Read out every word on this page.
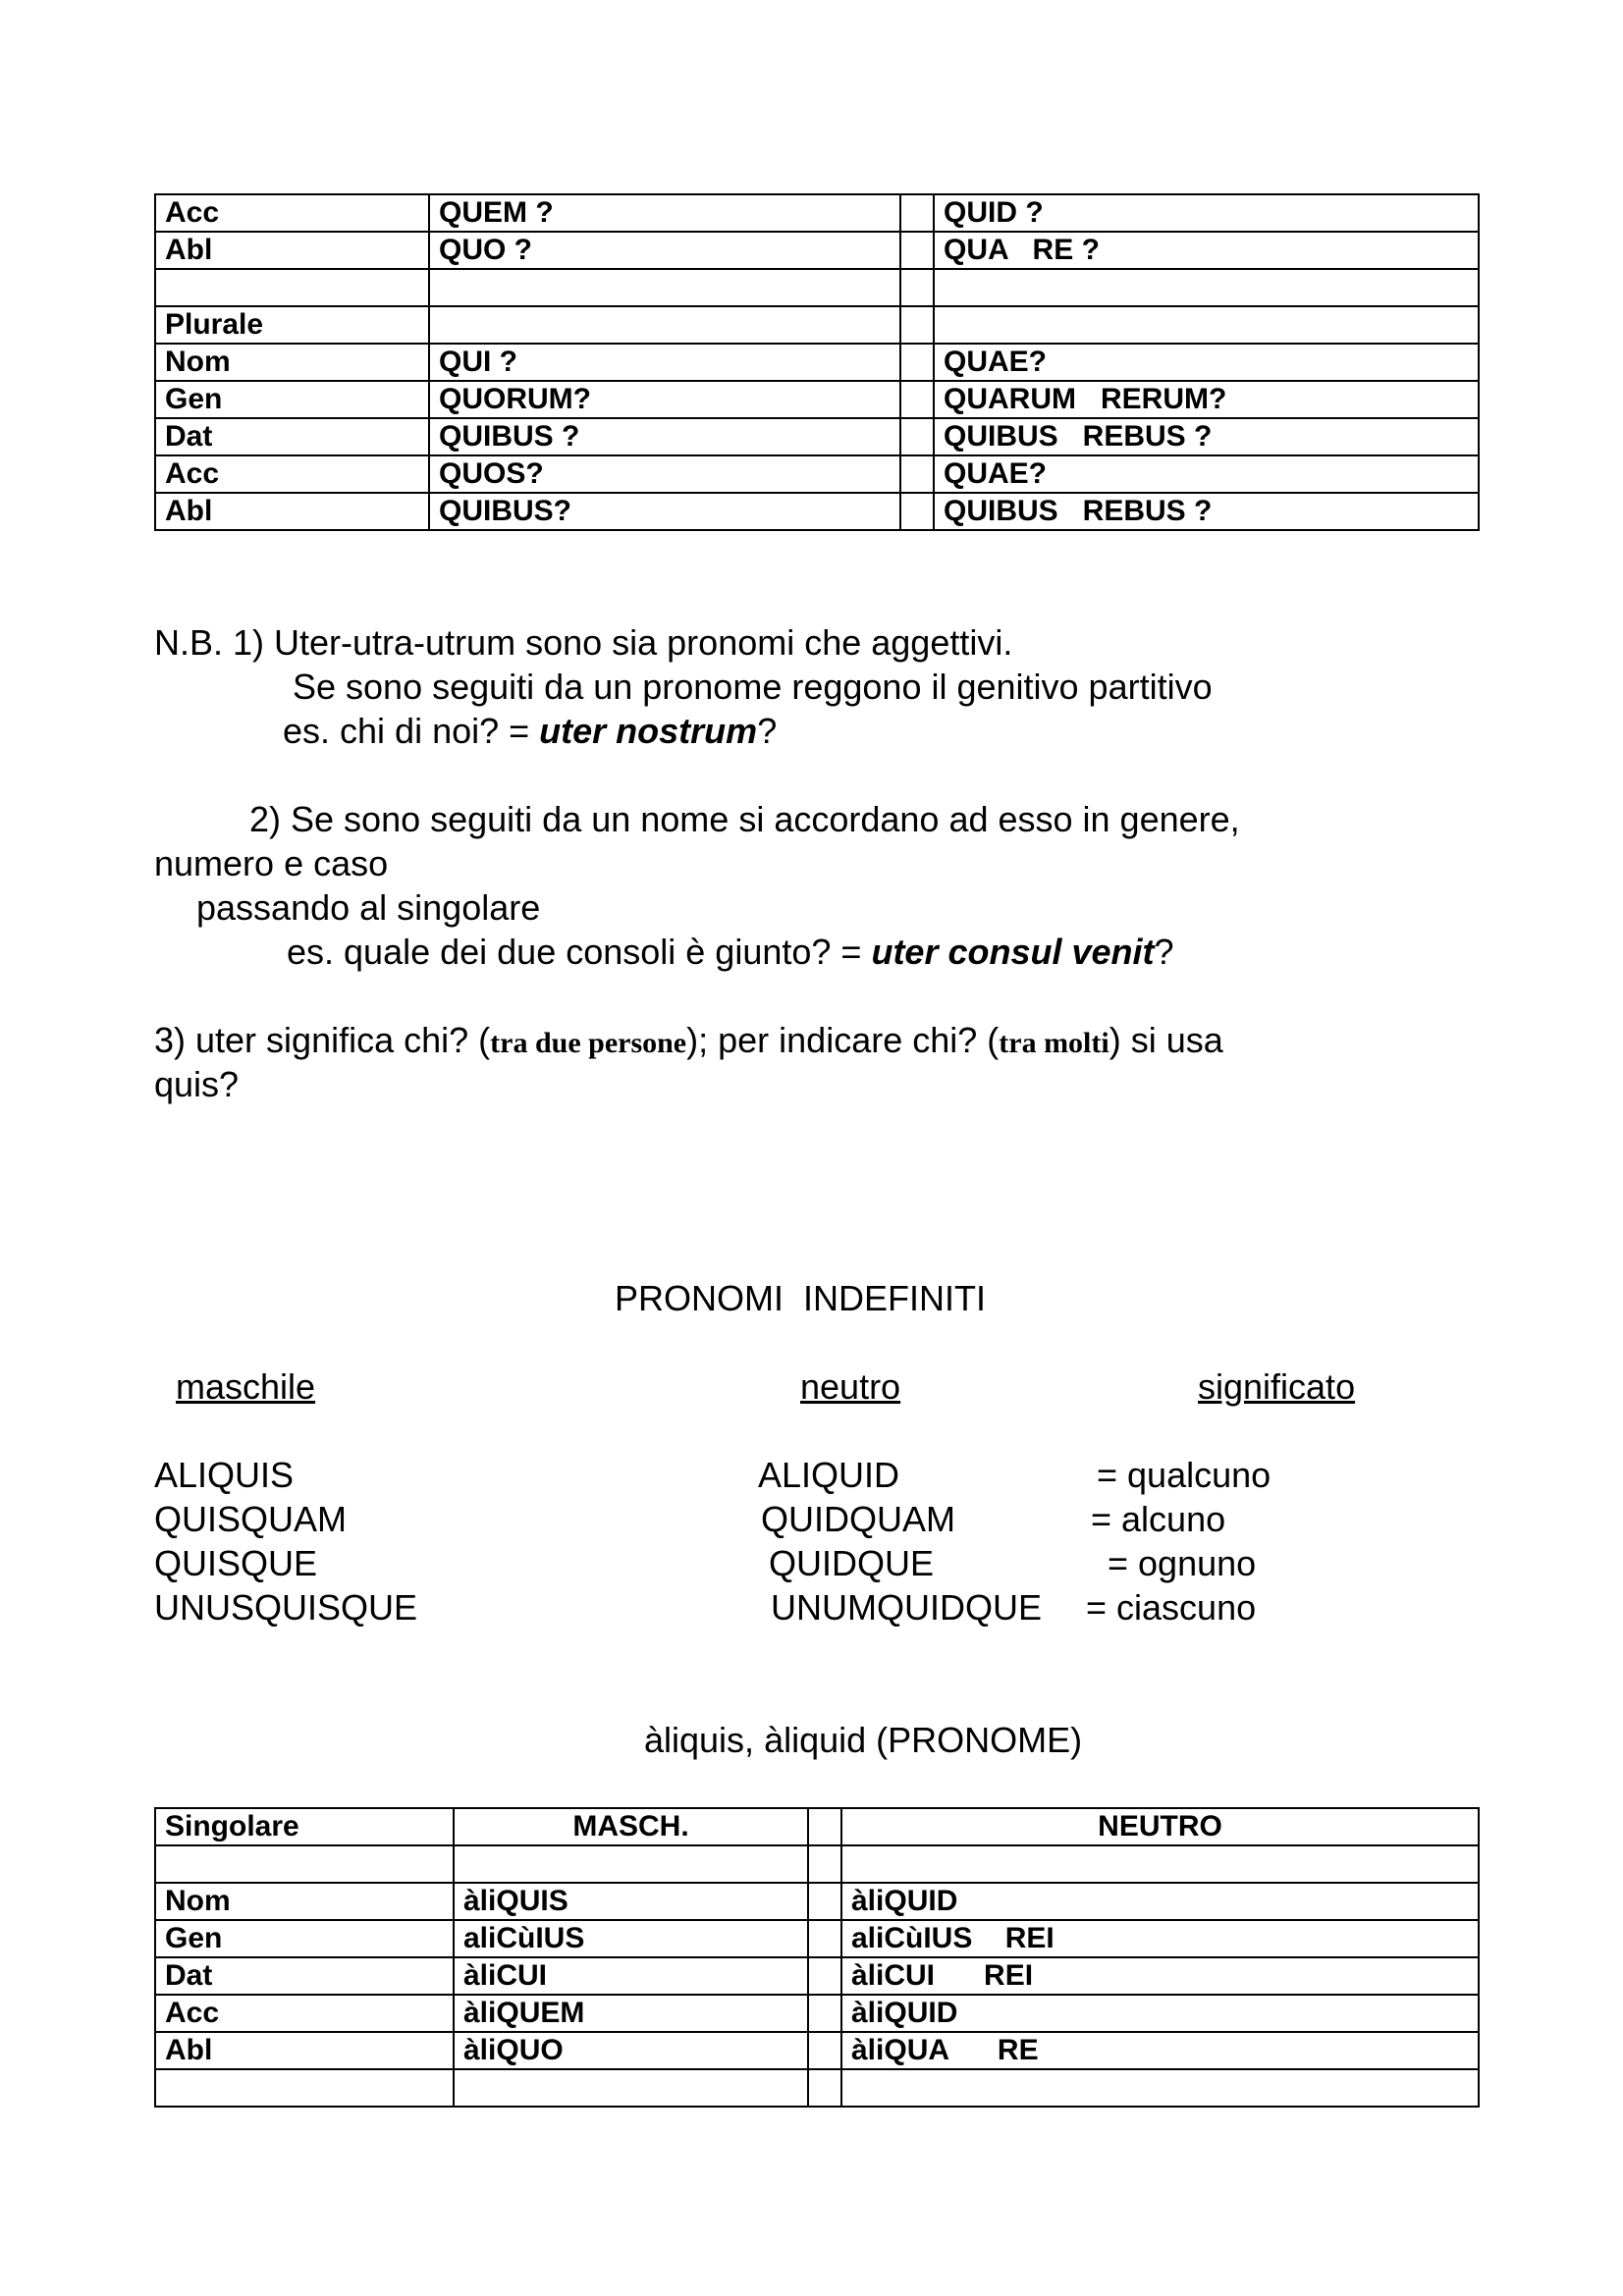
Acc	QUEM ?		QUID ?
Abl	QUO ?		QUA   RE ?

Plurale			
Nom	QUI ?		QUAE?
Gen	QUORUM?		QUARUM   RERUM?
Dat	QUIBUS ?		QUIBUS   REBUS ?
Acc	QUOS?		QUAE?
Abl	QUIBUS?		QUIBUS   REBUS ?
N.B. 1) Uter-utra-utrum sono sia pronomi che aggettivi.
Se sono seguiti da un pronome reggono il genitivo partitivo
es. chi di noi? = uter nostrum?
2) Se sono seguiti da un nome si accordano ad esso in genere,
numero e caso
passando al singolare
es. quale dei due consoli è giunto? = uter consul venit?
3) uter significa chi? (tra due persone); per indicare chi? (tra molti) si usa
quis?
PRONOMI  INDEFINITI
maschile	neutro	significato
ALIQUIS	ALIQUID	= qualcuno
QUISQUAM	QUIDQUAM	= alcuno
QUISQUE	QUIDQUE	= ognuno
UNUSQUISQUE	UNUMQUIDQUE = ciascuno
àliquis, àliquid (PRONOME)
Singolare	MASCH.		NEUTRO

Nom	àliQUIS		àliQUID
Gen	aliCùIUS		aliCùIUS    REI
Dat	àliCUI		àliCUI      REI
Acc	àliQUEM		àliQUID
Abl	àliQUO		àliQUA      RE
